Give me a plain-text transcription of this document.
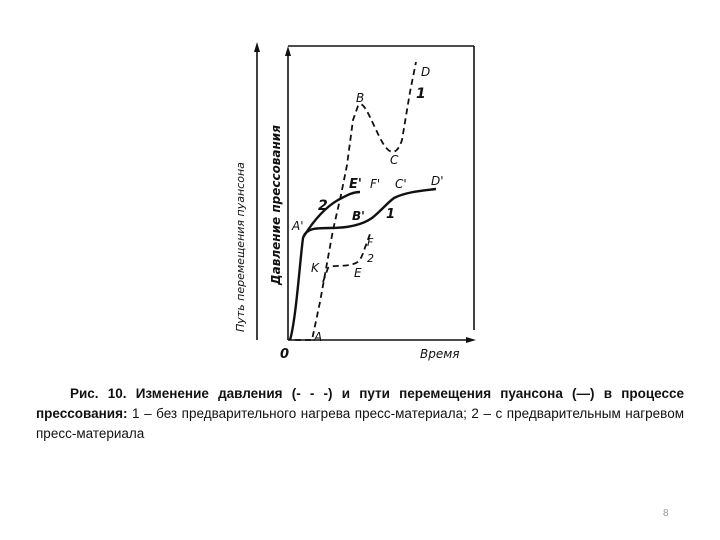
Путь перемещения пуансона Давление прессования
Время
0
A
K
B
C
D
E
F
A'
B'
C' D'
E' F'
1
1
2
2

Рис. 10. Изменение давления (- - -) и пути перемещения пуансона (—) в процессе прессования: 1 – без предварительного нагрева пресс-материала; 2 – с предварительным нагревом пресс-материала

8
